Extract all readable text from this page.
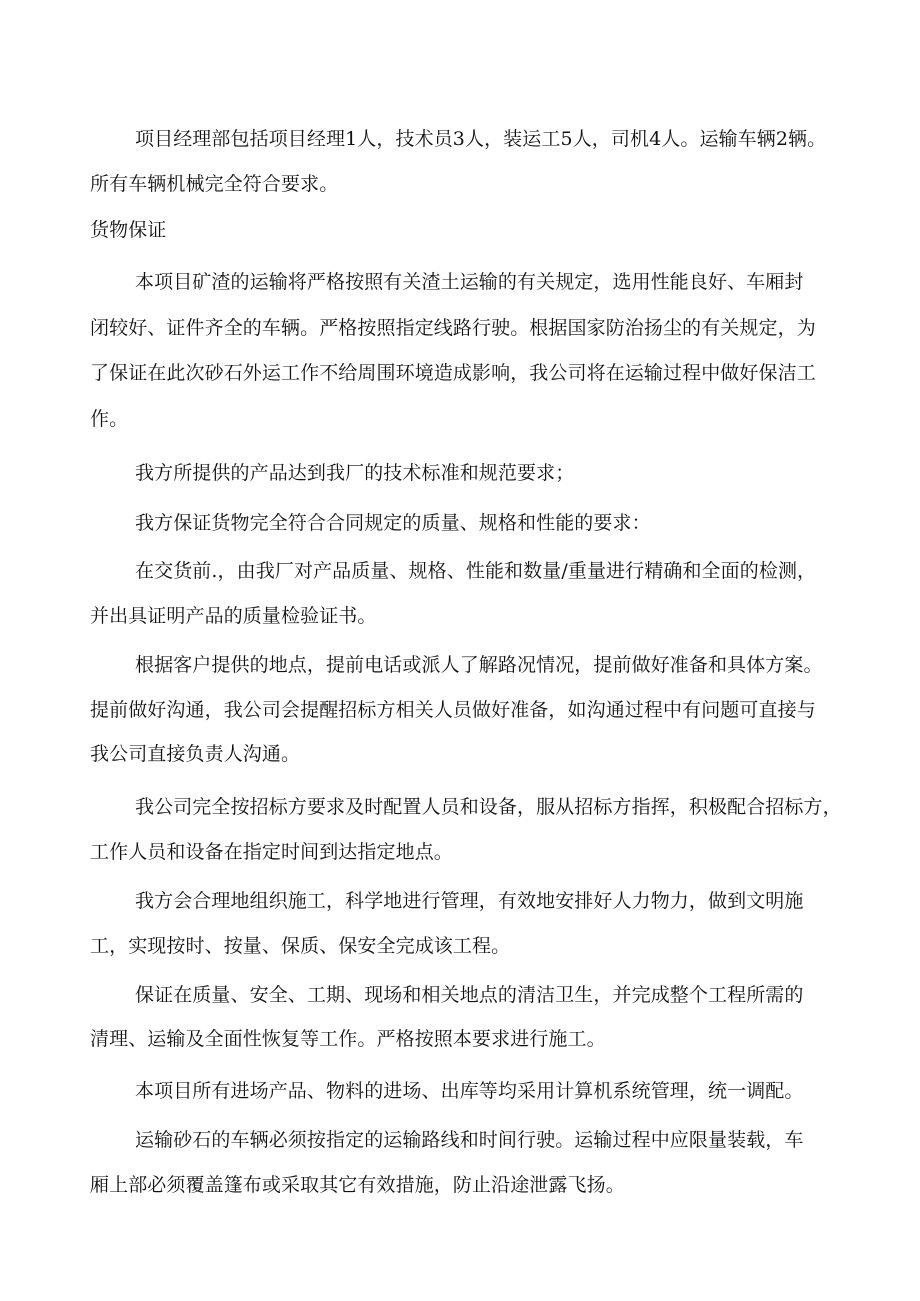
项目经理部包括项目经理1人，技术员3人，装运工5人，司机4人。运输车辆2辆。
所有车辆机械完全符合要求。
货物保证
本项目矿渣的运输将严格按照有关渣土运输的有关规定，选用性能良好、车厢封
闭较好、证件齐全的车辆。严格按照指定线路行驶。根据国家防治扬尘的有关规定，为
了保证在此次砂石外运工作不给周围环境造成影响，我公司将在运输过程中做好保洁工
作。
我方所提供的产品达到我厂的技术标准和规范要求；
我方保证货物完全符合合同规定的质量、规格和性能的要求：
在交货前.，由我厂对产品质量、规格、性能和数量/重量进行精确和全面的检测，
并出具证明产品的质量检验证书。
根据客户提供的地点，提前电话或派人了解路况情况，提前做好准备和具体方案。
提前做好沟通，我公司会提醒招标方相关人员做好准备，如沟通过程中有问题可直接与
我公司直接负责人沟通。
我公司完全按招标方要求及时配置人员和设备，服从招标方指挥，积极配合招标方，
工作人员和设备在指定时间到达指定地点。
我方会合理地组织施工，科学地进行管理，有效地安排好人力物力，做到文明施
工，实现按时、按量、保质、保安全完成该工程。
保证在质量、安全、工期、现场和相关地点的清洁卫生，并完成整个工程所需的
清理、运输及全面性恢复等工作。严格按照本要求进行施工。
本项目所有进场产品、物料的进场、出库等均采用计算机系统管理，统一调配。
运输砂石的车辆必须按指定的运输路线和时间行驶。运输过程中应限量装载，车
厢上部必须覆盖篷布或采取其它有效措施，防止沿途泄露飞扬。
